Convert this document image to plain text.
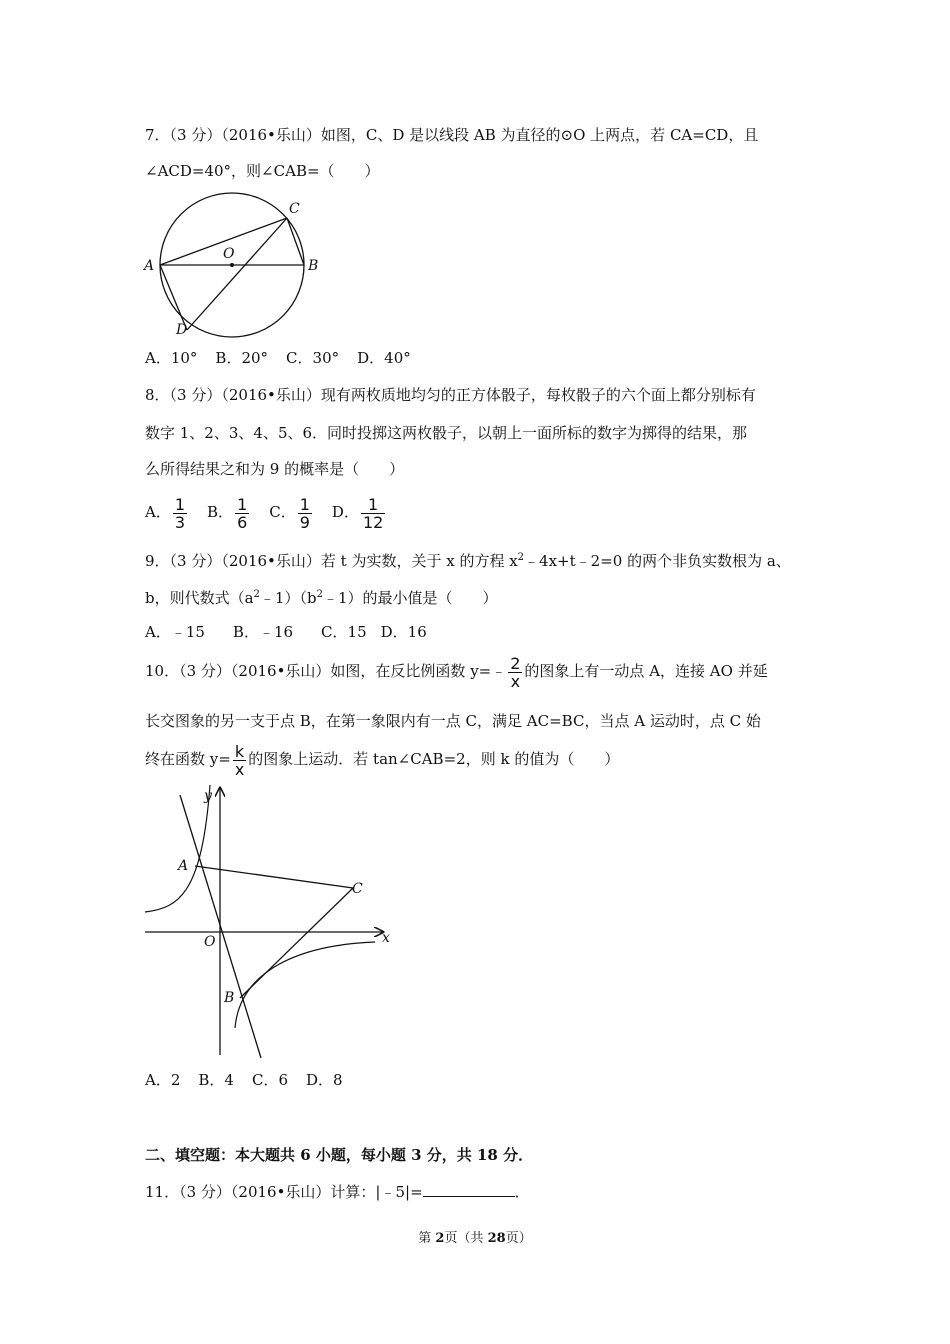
7．（3 分）（2016•乐山）如图，C、D 是以线段 AB 为直径的⊙O 上两点，若 CA=CD，且
∠ACD=40°，则∠CAB=（　　）
A	B
C
D
O
A．10° B．20° C．30° D．40°
8．（3 分）（2016•乐山）现有两枚质地均匀的正方体骰子，每枚骰子的六个面上都分别标有
数字 1、2、3、4、5、6．同时投掷这两枚骰子，以朝上一面所标的数字为掷得的结果，那
么所得结果之和为 9 的概率是（　　）
A． $\frac{1}{3}$ B． $\frac{1}{6}$ C． $\frac{1}{9}$ D． $\frac{1}{12}$
9．（3 分）（2016•乐山）若 t 为实数，关于 x 的方程 $x^2﹣4x+t﹣2=0$ 的两个非负实数根为 a、
b，则代数式$(a^2﹣1)(b^2﹣1)$的最小值是（　　）
A．﹣15 B．﹣16 C．15 D．16
10．（3 分）（2016•乐山）如图，在反比例函数 y=﹣ $\frac{2}{x}$ 的图象上有一动点 A，连接 AO 并延
长交图象的另一支于点 B，在第一象限内有一点 C，满足 AC=BC，当点 A 运动时，点 C 始
终在函数 $y= \frac{k}{x}$ 的图象上运动．若 tan∠CAB=2，则 k 的值为（　　）
y
x
A
C
O
B
A．2 B．4 C．6 D．8
二、填空题：本大题共 6 小题，每小题 3 分，共 18 分．
11．（3 分）（2016•乐山）计算：|﹣5|=	．
第 2页（共 28页）
